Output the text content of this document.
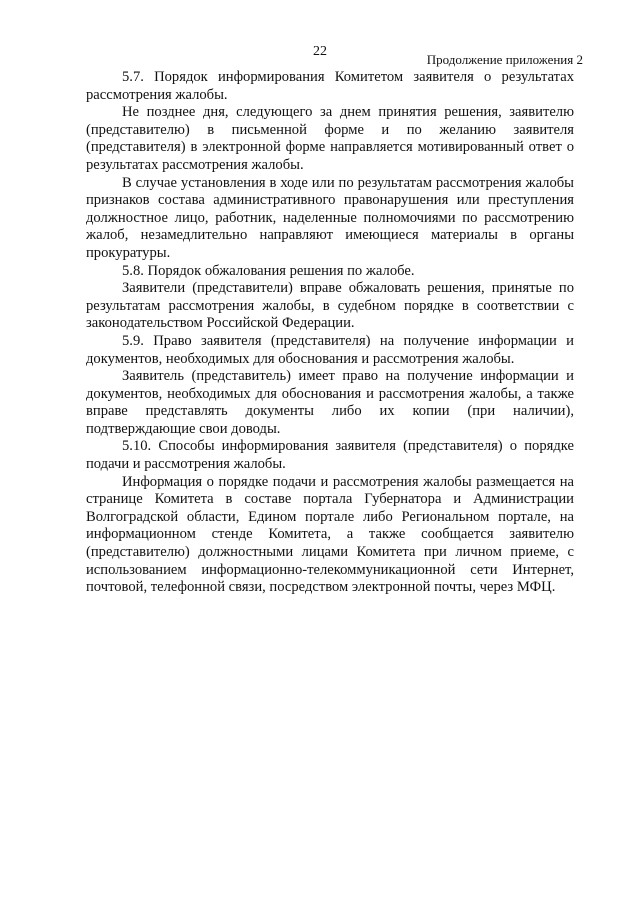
22
Продолжение приложения 2

5.7. Порядок информирования Комитетом заявителя о результатах рассмотрения жалобы.

Не позднее дня, следующего за днем принятия решения, заявителю (представителю) в письменной форме и по желанию заявителя (представителя) в электронной форме направляется мотивированный ответ о результатах рассмотрения жалобы.

В случае установления в ходе или по результатам рассмотрения жалобы признаков состава административного правонарушения или преступления должностное лицо, работник, наделенные полномочиями по рассмотрению жалоб, незамедлительно направляют имеющиеся материалы в органы прокуратуры.

5.8. Порядок обжалования решения по жалобе.

Заявители (представители) вправе обжаловать решения, принятые по результатам рассмотрения жалобы, в судебном порядке в соответствии с законодательством Российской Федерации.

5.9. Право заявителя (представителя) на получение информации и документов, необходимых для обоснования и рассмотрения жалобы.

Заявитель (представитель) имеет право на получение информации и документов, необходимых для обоснования и рассмотрения жалобы, а также вправе представлять документы либо их копии (при наличии), подтверждающие свои доводы.

5.10. Способы информирования заявителя (представителя) о порядке подачи и рассмотрения жалобы.

Информация о порядке подачи и рассмотрения жалобы размещается на странице Комитета в составе портала Губернатора и Администрации Волгоградской области, Едином портале либо Региональном портале, на информационном стенде Комитета, а также сообщается заявителю (представителю) должностными лицами Комитета при личном приеме, с использованием информационно-телекоммуникационной сети Интернет, почтовой, телефонной связи, посредством электронной почты, через МФЦ.
